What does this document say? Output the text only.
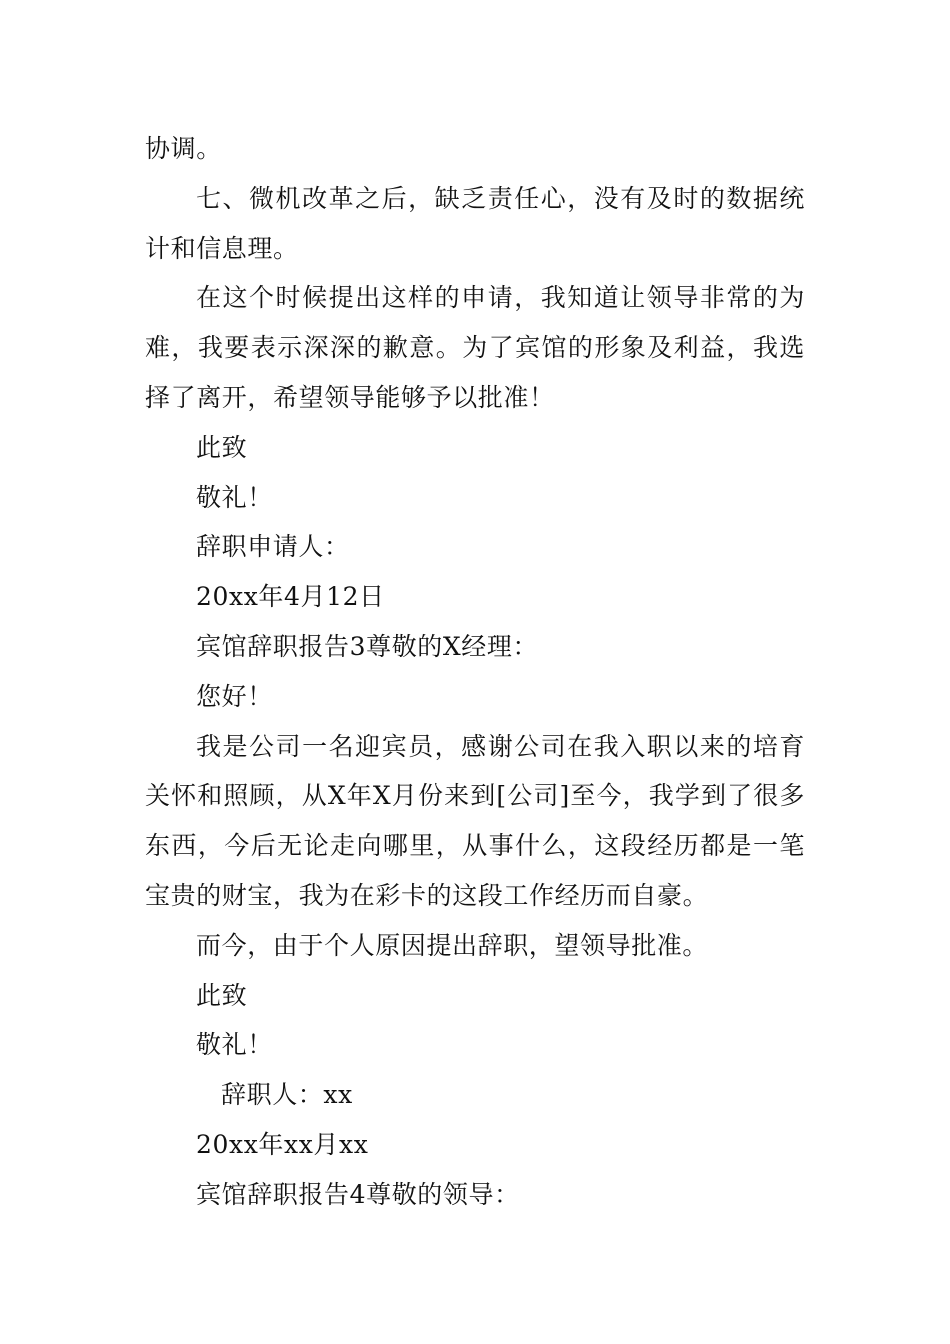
协调。
七、微机改革之后，缺乏责任心，没有及时的数据统
计和信息理。
在这个时候提出这样的申请，我知道让领导非常的为
难，我要表示深深的歉意。为了宾馆的形象及利益，我选
择了离开，希望领导能够予以批准！
此致
敬礼！
辞职申请人：
20xx年4月12日
宾馆辞职报告3尊敬的X经理：
您好！
我是公司一名迎宾员，感谢公司在我入职以来的培育
关怀和照顾，从X年X月份来到[公司]至今，我学到了很多
东西，今后无论走向哪里，从事什么，这段经历都是一笔
宝贵的财宝，我为在彩卡的这段工作经历而自豪。
而今，由于个人原因提出辞职，望领导批准。
此致
敬礼！
辞职人：xx
20xx年xx月xx
宾馆辞职报告4尊敬的领导：
